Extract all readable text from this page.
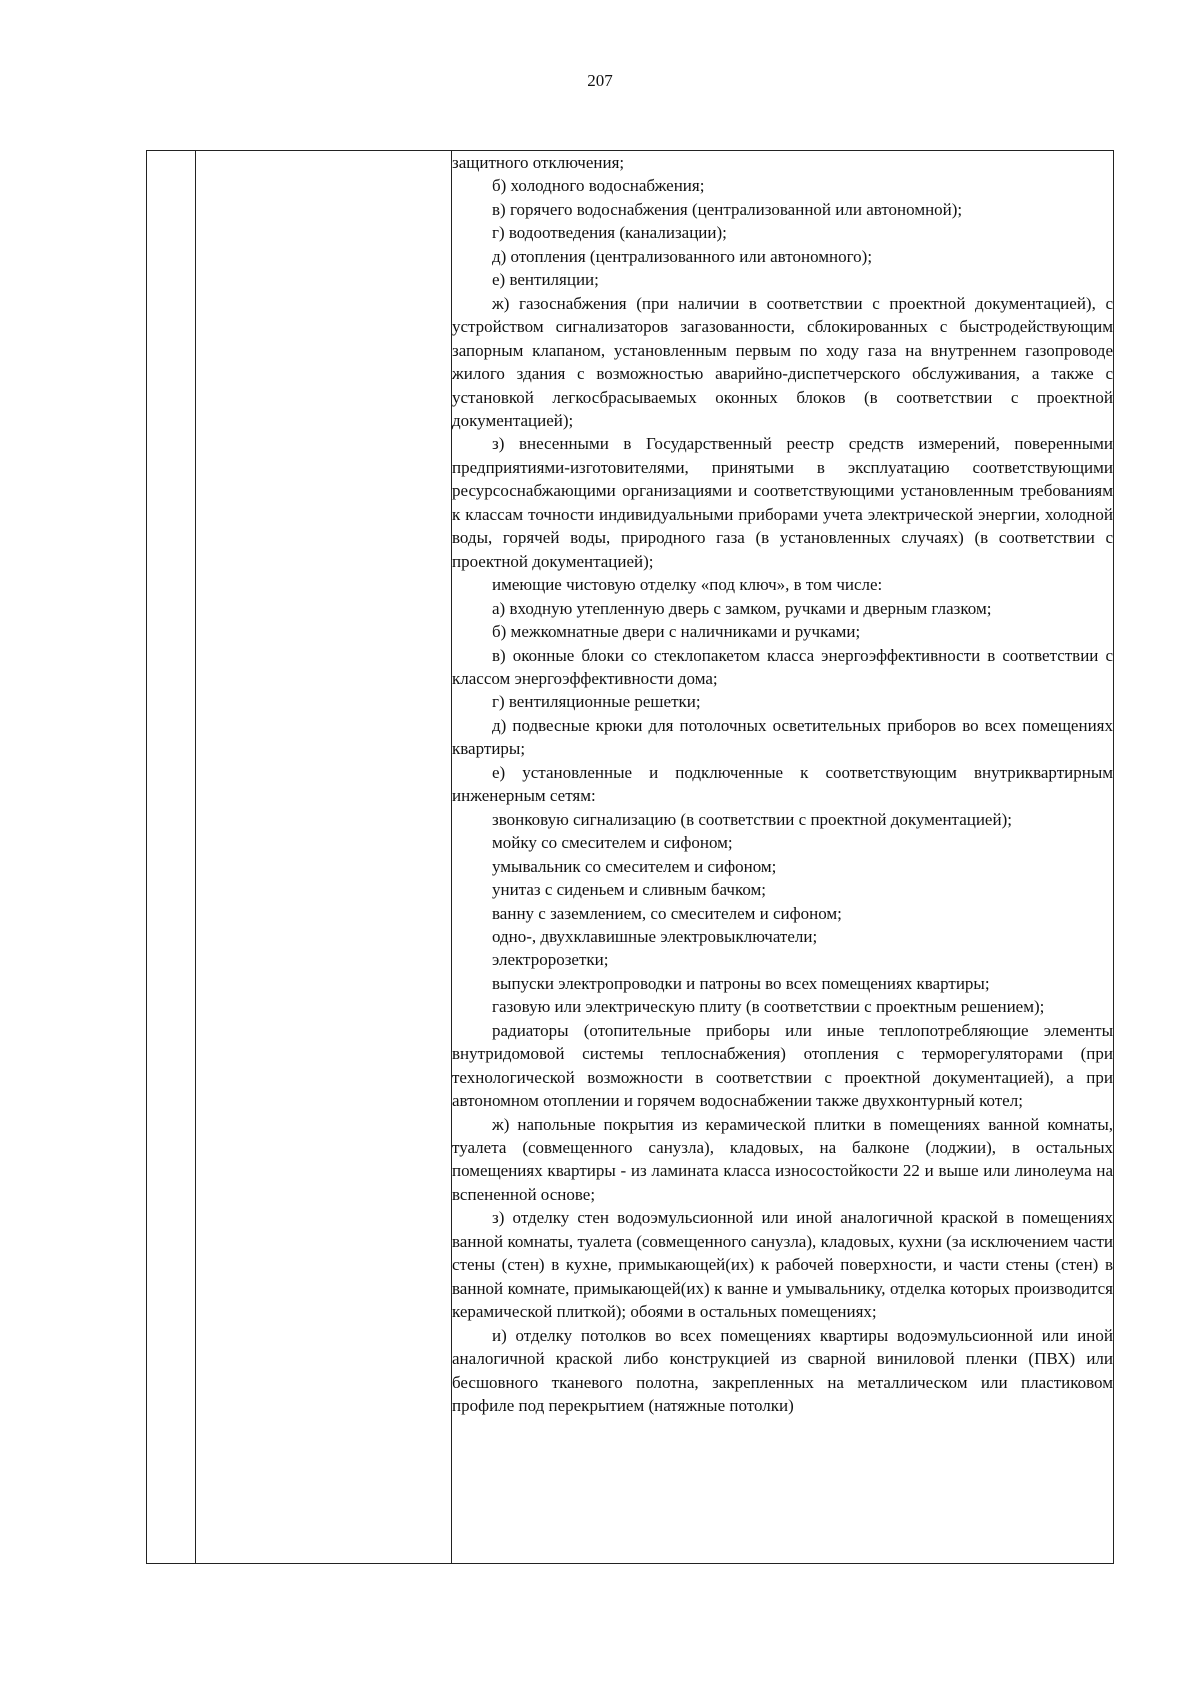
207

защитного отключения;

б) холодного водоснабжения;

в) горячего водоснабжения (централизованной или автономной);

г) водоотведения (канализации);

д) отопления (централизованного или автономного);

е) вентиляции;

ж) газоснабжения (при наличии в соответствии с проектной документацией), с устройством сигнализаторов загазованности, сблокированных с быстродействующим запорным клапаном, установленным первым по ходу газа на внутреннем газопроводе жилого здания с возможностью аварийно-диспетчерского обслуживания, а также с установкой легкосбрасываемых оконных блоков (в соответствии с проектной документацией);

з) внесенными в Государственный реестр средств измерений, поверенными предприятиями-изготовителями, принятыми в эксплуатацию соответствующими ресурсоснабжающими организациями и соответствующими установленным требованиям к классам точности индивидуальными приборами учета электрической энергии, холодной воды, горячей воды, природного газа (в установленных случаях) (в соответствии с проектной документацией);

имеющие чистовую отделку «под ключ», в том числе:

а) входную утепленную дверь с замком, ручками и дверным глазком;

б) межкомнатные двери с наличниками и ручками;

в) оконные блоки со стеклопакетом класса энергоэффективности в соответствии с классом энергоэффективности дома;

г) вентиляционные решетки;

д) подвесные крюки для потолочных осветительных приборов во всех помещениях квартиры;

е) установленные и подключенные к соответствующим внутриквартирным инженерным сетям:

звонковую сигнализацию (в соответствии с проектной документацией);

мойку со смесителем и сифоном;

умывальник со смесителем и сифоном;

унитаз с сиденьем и сливным бачком;

ванну с заземлением, со смесителем и сифоном;

одно-, двухклавишные электровыключатели;

электророзетки;

выпуски электропроводки и патроны во всех помещениях квартиры;

газовую или электрическую плиту (в соответствии с проектным решением);

радиаторы (отопительные приборы или иные теплопотребляющие элементы внутридомовой системы теплоснабжения) отопления с терморегуляторами (при технологической возможности в соответствии с проектной документацией), а при автономном отоплении и горячем водоснабжении также двухконтурный котел;

ж) напольные покрытия из керамической плитки в помещениях ванной комнаты, туалета (совмещенного санузла), кладовых, на балконе (лоджии), в остальных помещениях квартиры - из ламината класса износостойкости 22 и выше или линолеума на вспененной основе;

з) отделку стен водоэмульсионной или иной аналогичной краской в помещениях ванной комнаты, туалета (совмещенного санузла), кладовых, кухни (за исключением части стены (стен) в кухне, примыкающей(их) к рабочей поверхности, и части стены (стен) в ванной комнате, примыкающей(их) к ванне и умывальнику, отделка которых производится керамической плиткой); обоями в остальных помещениях;

и) отделку потолков во всех помещениях квартиры водоэмульсионной или иной аналогичной краской либо конструкцией из сварной виниловой пленки (ПВХ) или бесшовного тканевого полотна, закрепленных на металлическом или пластиковом профиле под перекрытием (натяжные потолки)
